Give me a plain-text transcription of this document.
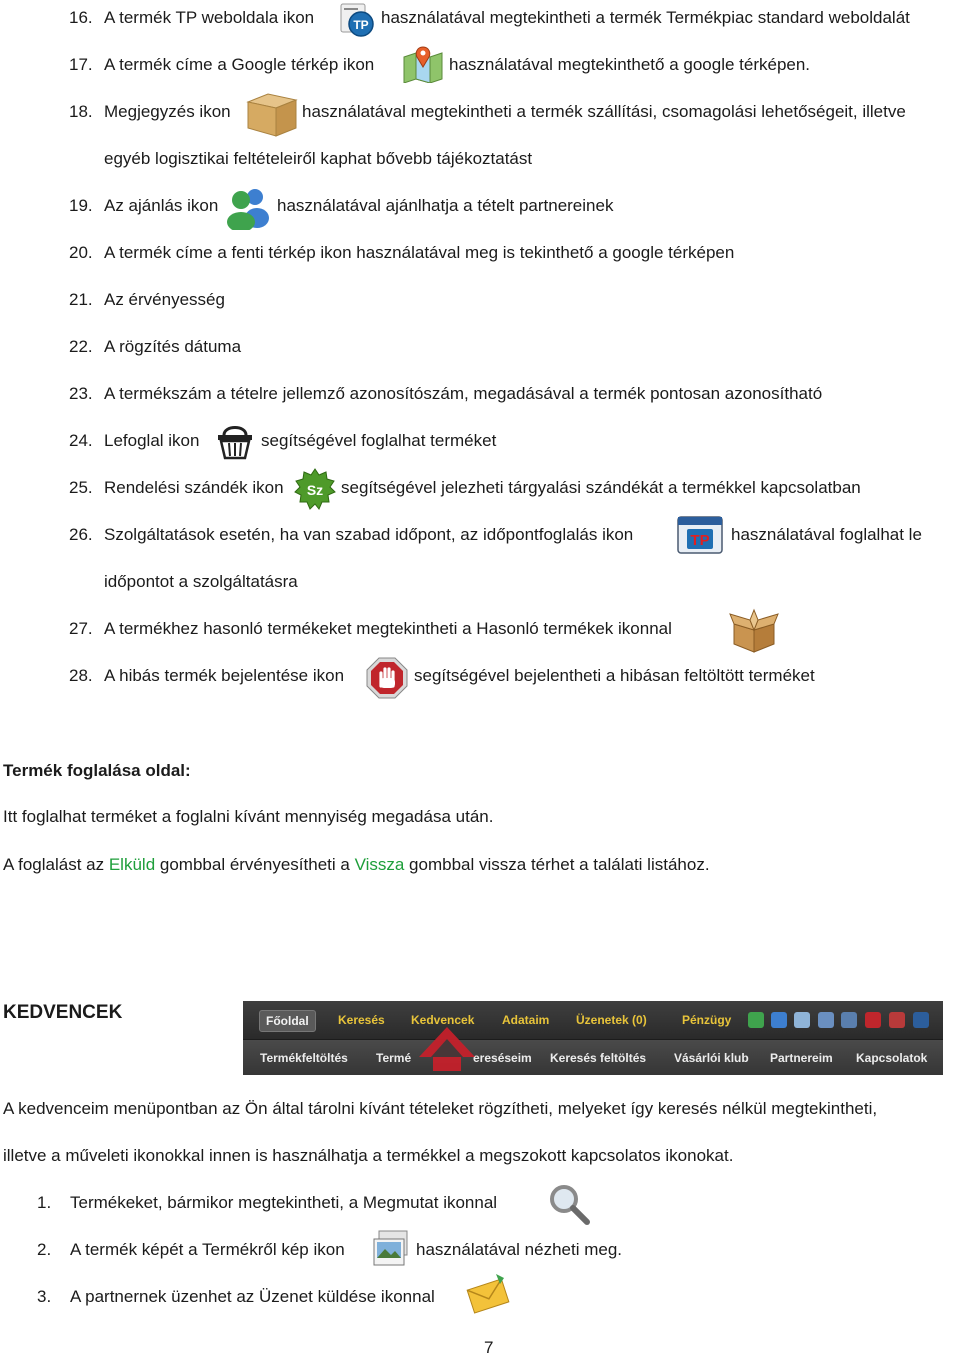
16. A termék TP weboldala ikon	TP használatával megtekintheti a termék Termékpiac standard weboldalát
17. A termék címe a Google térkép ikon	használatával megtekinthető a google térképen.
18. Megjegyzés ikon	használatával megtekintheti a termék szállítási, csomagolási lehetőségeit, illetve
egyéb logisztikai feltételeiről kaphat bővebb tájékoztatást
19. Az ajánlás ikon	használatával ajánlhatja a tételt partnereinek
20. A termék címe a fenti térkép ikon használatával meg is tekinthető a google térképen
21. Az érvényesség
22. A rögzítés dátuma
23. A termékszám a tételre jellemző azonosítószám, megadásával a termék pontosan azonosítható
24. Lefoglal ikon	segítségével foglalhat terméket
25. Rendelési szándék ikon Sz segítségével jelezheti tárgyalási szándékát a termékkel kapcsolatban
26. Szolgáltatások esetén, ha van szabad időpont, az időpontfoglalás ikon	TP használatával foglalhat le
időpontot a szolgáltatásra
27. A termékhez hasonló termékeket megtekintheti a Hasonló termékek ikonnal
28. A hibás termék bejelentése ikon	segítségével bejelentheti a hibásan feltöltött terméket
Termék foglalása oldal:
Itt foglalhat terméket a foglalni kívánt mennyiség megadása után.
A foglalást az Elküld gombbal érvényesítheti a Vissza gombbal vissza térhet a találati listához.
KEDVENCEK	Főoldal	Keresés Kedvencek Adataim Üzenetek (0)	Pénzügy
Termékfeltöltés Termé	ereséseim Keresés feltöltés Vásárlói klub Partnereim Kapcsolatok
A kedvenceim menüpontban az Ön által tárolni kívánt tételeket rögzítheti, melyeket így keresés nélkül megtekintheti,
illetve a műveleti ikonokkal innen is használhatja a termékkel a megszokott kapcsolatos ikonokat.
1. Termékeket, bármikor megtekintheti, a Megmutat ikonnal
2. A termék képét a Termékről kép ikon	használatával nézheti meg.
3. A partnernek üzenhet az Üzenet küldése ikonnal
7
